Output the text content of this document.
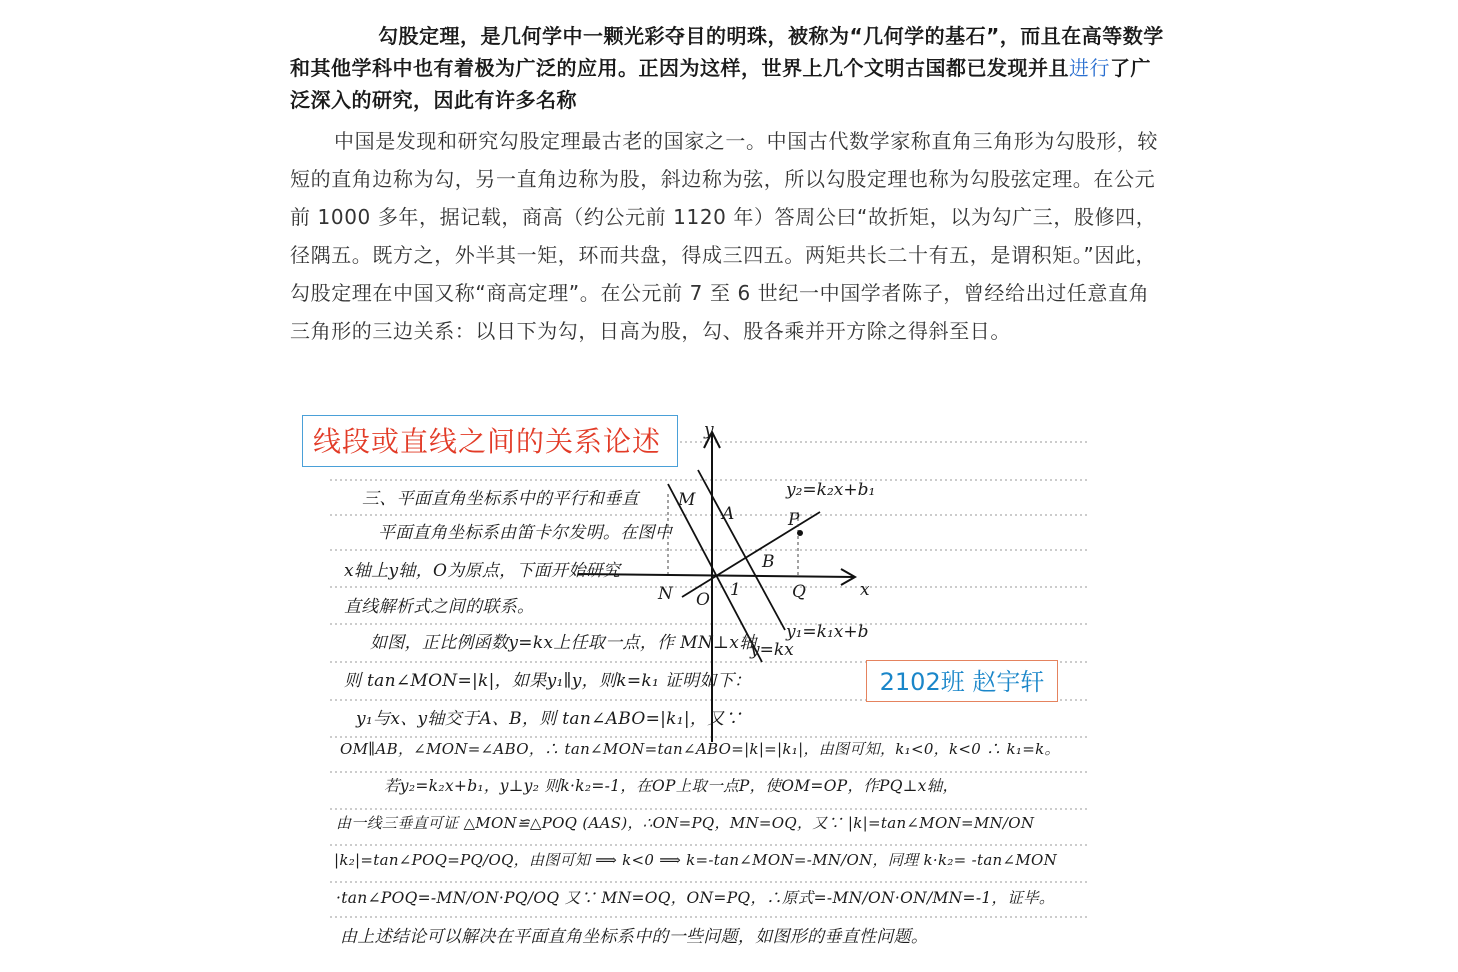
勾股定理，是几何学中一颗光彩夺目的明珠，被称为“几何学的基石”，而且在高等数学和其他学科中也有着极为广泛的应用。正因为这样，世界上几个文明古国都已发现并且进行了广泛深入的研究，因此有许多名称
中国是发现和研究勾股定理最古老的国家之一。中国古代数学家称直角三角形为勾股形，较短的直角边称为勾，另一直角边称为股，斜边称为弦，所以勾股定理也称为勾股弦定理。在公元前 1000 多年，据记载，商高（约公元前 1120 年）答周公曰“故折矩，以为勾广三，股修四，径隅五。既方之，外半其一矩，环而共盘，得成三四五。两矩共长二十有五，是谓积矩。”因此，勾股定理在中国又称“商高定理”。在公元前 7 至 6 世纪一中国学者陈子，曾经给出过任意直角三角形的三边关系：以日下为勾，日高为股，勾、股各乘并开方除之得斜至日。
y
x
y₂=k₂x+b₁
y₁=k₁x+b
y=kx
M
A	P
B
N O 1	Q
三、平面直角坐标系中的平行和垂直
平面直角坐标系由笛卡尔发明。在图中
x轴上y轴，O为原点，下面开始研究
直线解析式之间的联系。
如图，正比例函数y=kx上任取一点，作 MN⊥x轴
则 tan∠MON=|k|，如果y₁∥y，则k=k₁ 证明如下：
y₁与x、y轴交于A、B，则 tan∠ABO=|k₁|，又∵
OM∥AB，∠MON=∠ABO，∴ tan∠MON=tan∠ABO=|k|=|k₁|，由图可知，k₁<0，k<0 ∴ k₁=k。
若y₂=k₂x+b₁，y⊥y₂ 则k·k₂=-1，在OP上取一点P，使OM=OP，作PQ⊥x轴，
由一线三垂直可证 △MON≌△POQ (AAS)，∴ON=PQ，MN=OQ，又∵ |k|=tan∠MON=MN/ON
|k₂|=tan∠POQ=PQ/OQ，由图可知 ⟹ k<0 ⟹ k=-tan∠MON=-MN/ON，同理 k·k₂= -tan∠MON
·tan∠POQ=-MN/ON·PQ/OQ 又∵ MN=OQ，ON=PQ，∴原式=-MN/ON·ON/MN=-1，证毕。
由上述结论可以解决在平面直角坐标系中的一些问题，如图形的垂直性问题。
线段或直线之间的关系论述
2102班 赵宇轩
